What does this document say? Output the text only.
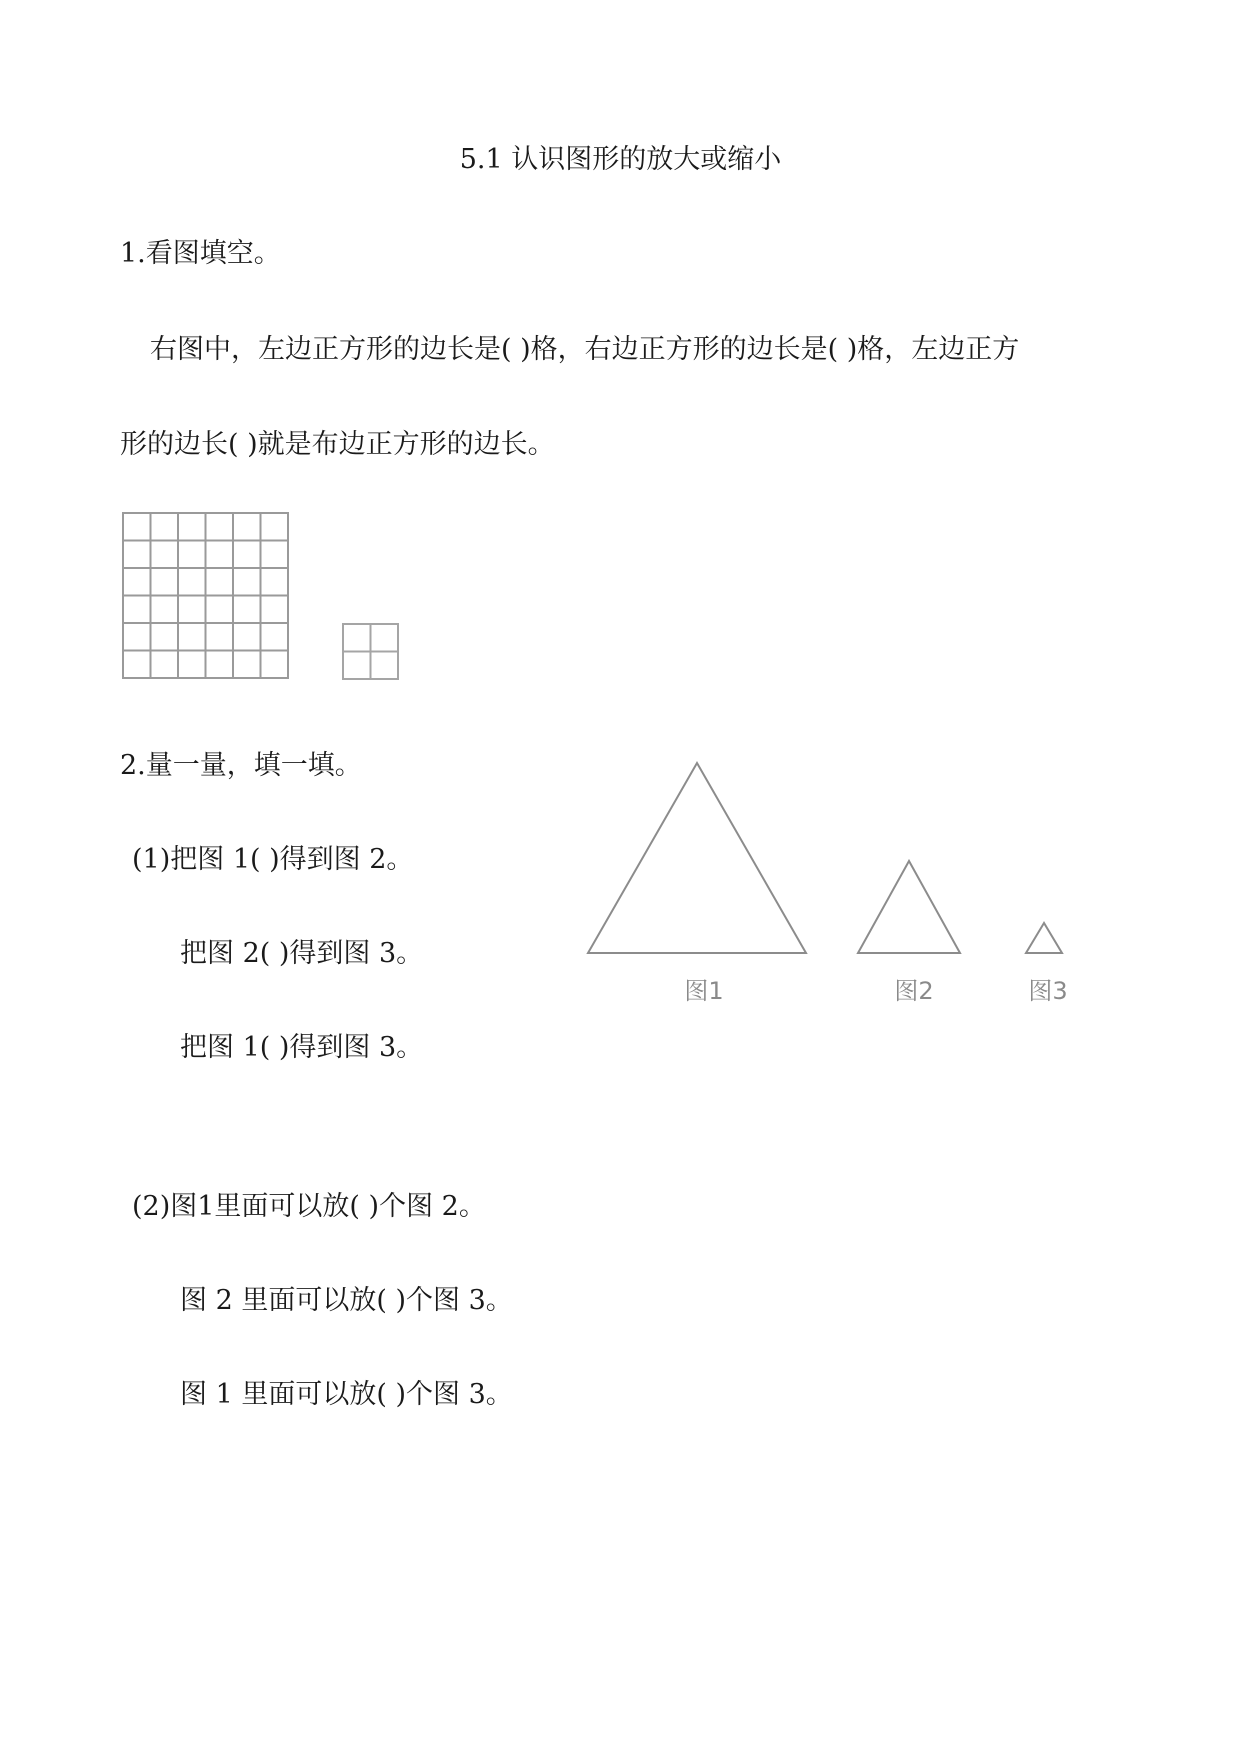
5.1 认识图形的放大或缩小
1.看图填空。
右图中，左边正方形的边长是( )格，右边正方形的边长是( )格，左边正方
形的边长( )就是布边正方形的边长。
2.量一量，填一填。
(1)把图 1( )得到图 2。
把图 2( )得到图 3。
把图 1( )得到图 3。
图1	图2	图3
(2)图1里面可以放( )个图 2。
图 2 里面可以放( )个图 3。
图 1 里面可以放( )个图 3。
